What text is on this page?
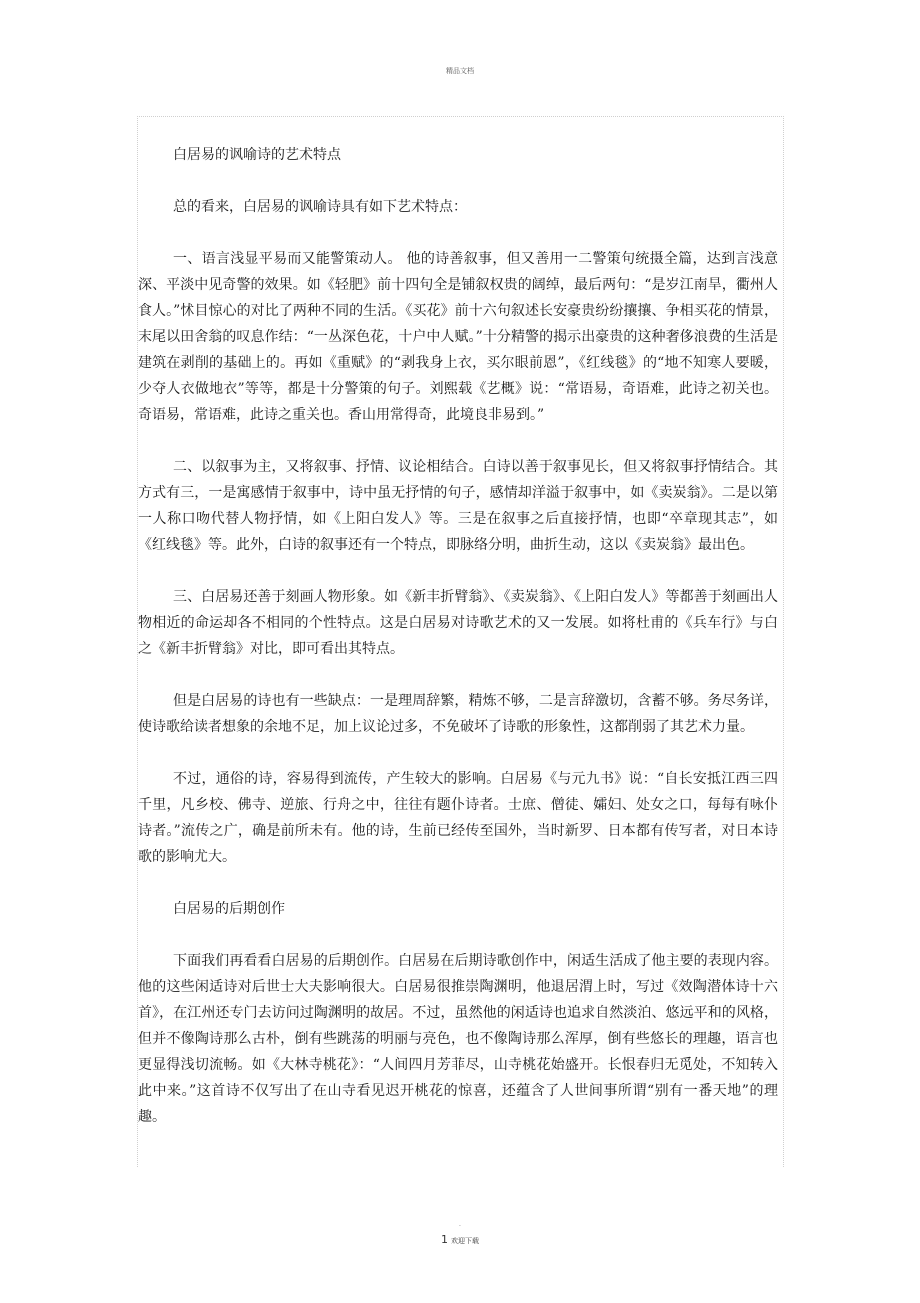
精品文档

白居易的讽喻诗的艺术特点

总的看来，白居易的讽喻诗具有如下艺术特点：

一、语言浅显平易而又能警策动人。 他的诗善叙事，但又善用一二警策句统摄全篇，达到言浅意深、平淡中见奇警的效果。如《轻肥》前十四句全是铺叙权贵的阔绰，最后两句：“是岁江南旱，衢州人食人。”怵目惊心的对比了两种不同的生活。《买花》前十六句叙述长安豪贵纷纷攘攘、争相买花的情景，末尾以田舍翁的叹息作结：“一丛深色花，十户中人赋。”十分精警的揭示出豪贵的这种奢侈浪费的生活是建筑在剥削的基础上的。再如《重赋》的“剥我身上衣，买尔眼前恩”，《红线毯》的“地不知寒人要暖，少夺人衣做地衣”等等，都是十分警策的句子。刘熙载《艺概》说：“常语易，奇语难，此诗之初关也。奇语易，常语难，此诗之重关也。香山用常得奇，此境良非易到。”

二、以叙事为主，又将叙事、抒情、议论相结合。白诗以善于叙事见长，但又将叙事抒情结合。其方式有三，一是寓感情于叙事中，诗中虽无抒情的句子，感情却洋溢于叙事中，如《卖炭翁》。二是以第一人称口吻代替人物抒情，如《上阳白发人》等。三是在叙事之后直接抒情，也即“卒章现其志”，如《红线毯》等。此外，白诗的叙事还有一个特点，即脉络分明，曲折生动，这以《卖炭翁》最出色。

三、白居易还善于刻画人物形象。如《新丰折臂翁》、《卖炭翁》、《上阳白发人》等都善于刻画出人物相近的命运却各不相同的个性特点。这是白居易对诗歌艺术的又一发展。如将杜甫的《兵车行》与白之《新丰折臂翁》对比，即可看出其特点。

但是白居易的诗也有一些缺点：一是理周辞繁，精炼不够，二是言辞激切，含蓄不够。务尽务详，使诗歌给读者想象的余地不足，加上议论过多，不免破坏了诗歌的形象性，这都削弱了其艺术力量。

不过，通俗的诗，容易得到流传，产生较大的影响。白居易《与元九书》说：“自长安抵江西三四千里，凡乡校、佛寺、逆旅、行舟之中，往往有题仆诗者。士庶、僧徒、孀妇、处女之口，每每有咏仆诗者。”流传之广，确是前所未有。他的诗，生前已经传至国外，当时新罗、日本都有传写者，对日本诗歌的影响尤大。

白居易的后期创作

下面我们再看看白居易的后期创作。白居易在后期诗歌创作中，闲适生活成了他主要的表现内容。他的这些闲适诗对后世士大夫影响很大。白居易很推崇陶渊明，他退居渭上时，写过《效陶潜体诗十六首》，在江州还专门去访问过陶渊明的故居。不过，虽然他的闲适诗也追求自然淡泊、悠远平和的风格，但并不像陶诗那么古朴，倒有些跳荡的明丽与亮色，也不像陶诗那么浑厚，倒有些悠长的理趣，语言也更显得浅切流畅。如《大林寺桃花》：“人间四月芳菲尽，山寺桃花始盛开。长恨春归无觅处，不知转入此中来。”这首诗不仅写出了在山寺看见迟开桃花的惊喜，还蕴含了人世间事所谓“别有一番天地”的理趣。

.
1 欢迎下载
